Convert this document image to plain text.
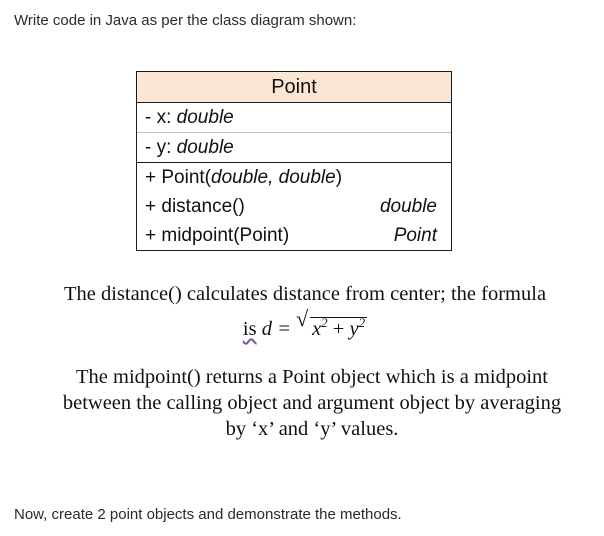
Write code in Java as per the class diagram shown:
Point
- x: double
- y: double
+ Point(double, double)
+ distance()	double
+ midpoint(Point)	Point
The distance() calculates distance from center; the formula
is d = √ $x^2 + y^2$
The midpoint() returns a Point object which is a midpoint
between the calling object and argument object by averaging
by ‘x’ and ‘y’ values.
Now, create 2 point objects and demonstrate the methods.
